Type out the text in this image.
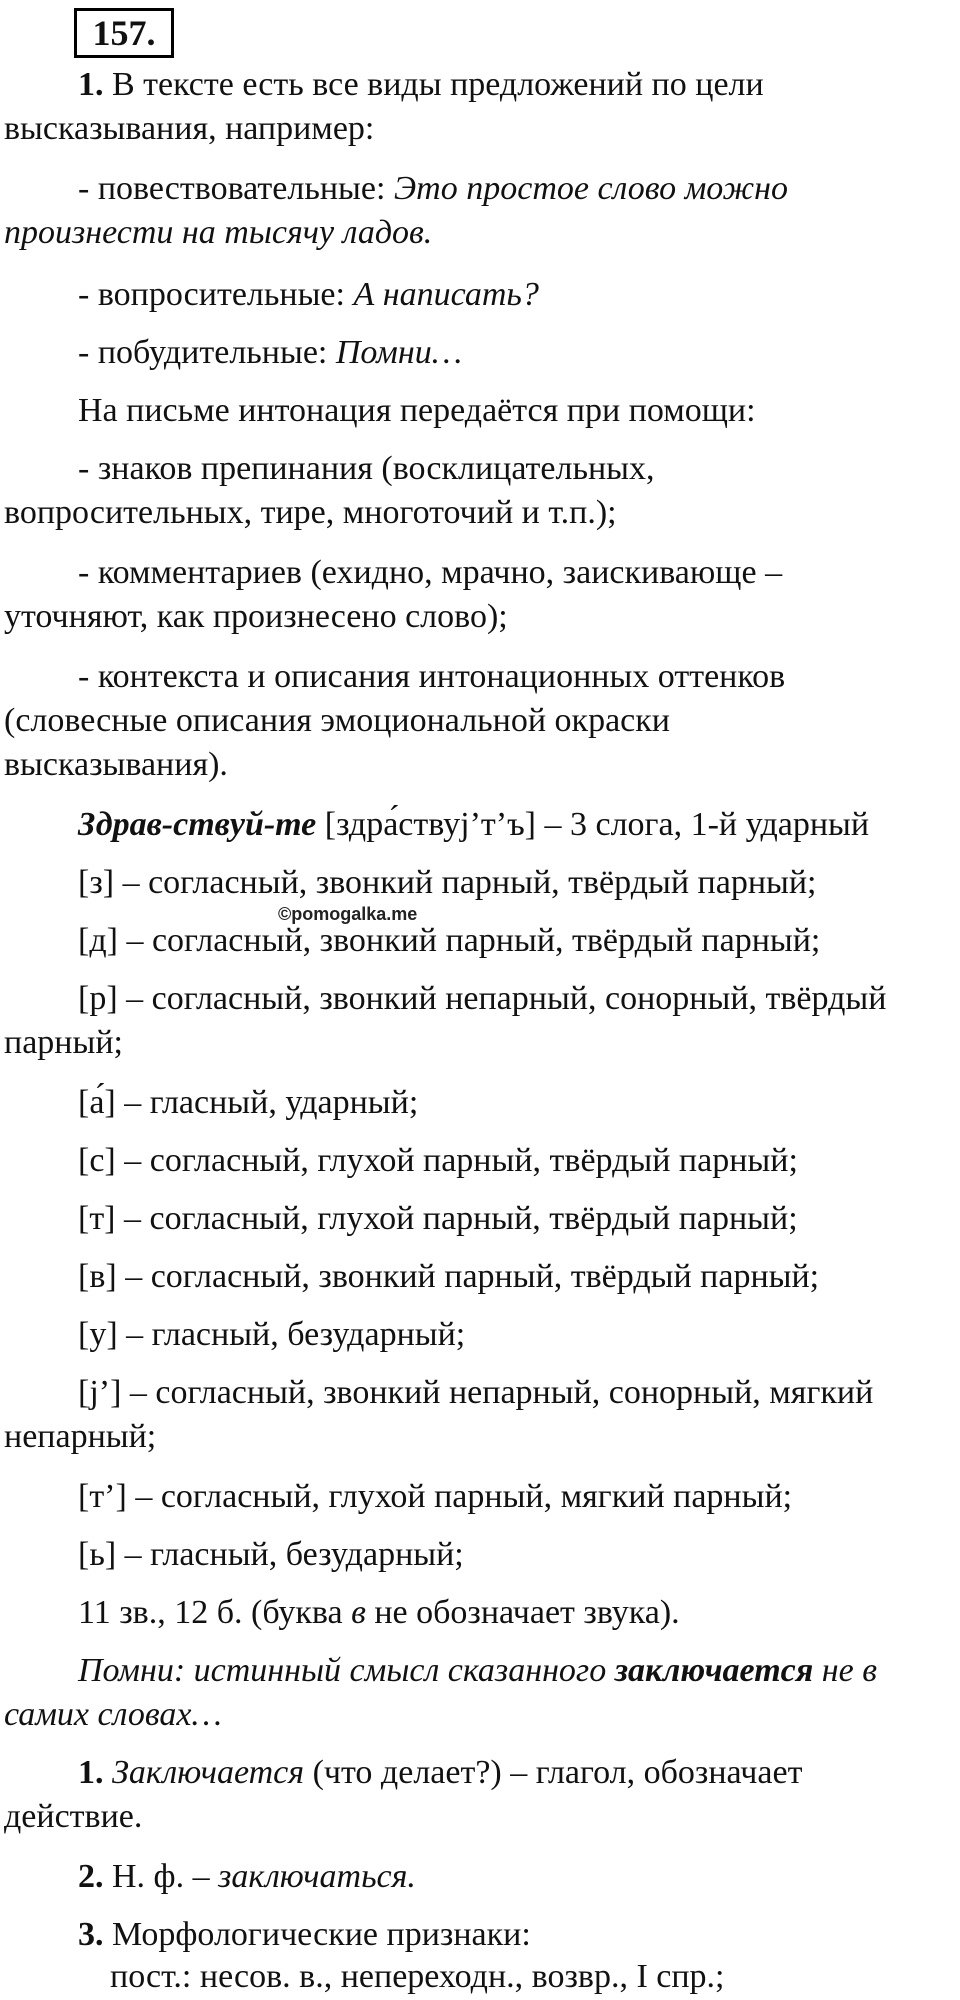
157.

1. В тексте есть все виды предложений по цели

высказывания, например:

- повествовательные: Это простое слово можно

произнести на тысячу ладов.

- вопросительные: А написать?

- побудительные: Помни…

На письме интонация передаётся при помощи:

- знаков препинания (восклицательных,

вопросительных, тире, многоточий и т.п.);

- комментариев (ехидно, мрачно, заискивающе –

уточняют, как произнесено слово);

- контекста и описания интонационных оттенков

(словесные описания эмоциональной окраски

высказывания).

Здрав-ствуй-те [здра́ствуj’т’ъ] – 3 слога, 1-й ударный

[з] – согласный, звонкий парный, твёрдый парный;

©pomogalka.me

[д] – согласный, звонкий парный, твёрдый парный;

[р] – согласный, звонкий непарный, сонорный, твёрдый

парный;

[а́] – гласный, ударный;

[с] – согласный, глухой парный, твёрдый парный;

[т] – согласный, глухой парный, твёрдый парный;

[в] – согласный, звонкий парный, твёрдый парный;

[у] – гласный, безударный;

[j’] – согласный, звонкий непарный, сонорный, мягкий

непарный;

[т’] – согласный, глухой парный, мягкий парный;

[ь] – гласный, безударный;

11 зв., 12 б. (буква в не обозначает звука).

Помни: истинный смысл сказанного заключается не в

самих словах…

1. Заключается (что делает?) – глагол, обозначает

действие.

2. Н. ф. – заключаться.

3. Морфологические признаки:

пост.: несов. в., непереходн., возвр., I спр.;
